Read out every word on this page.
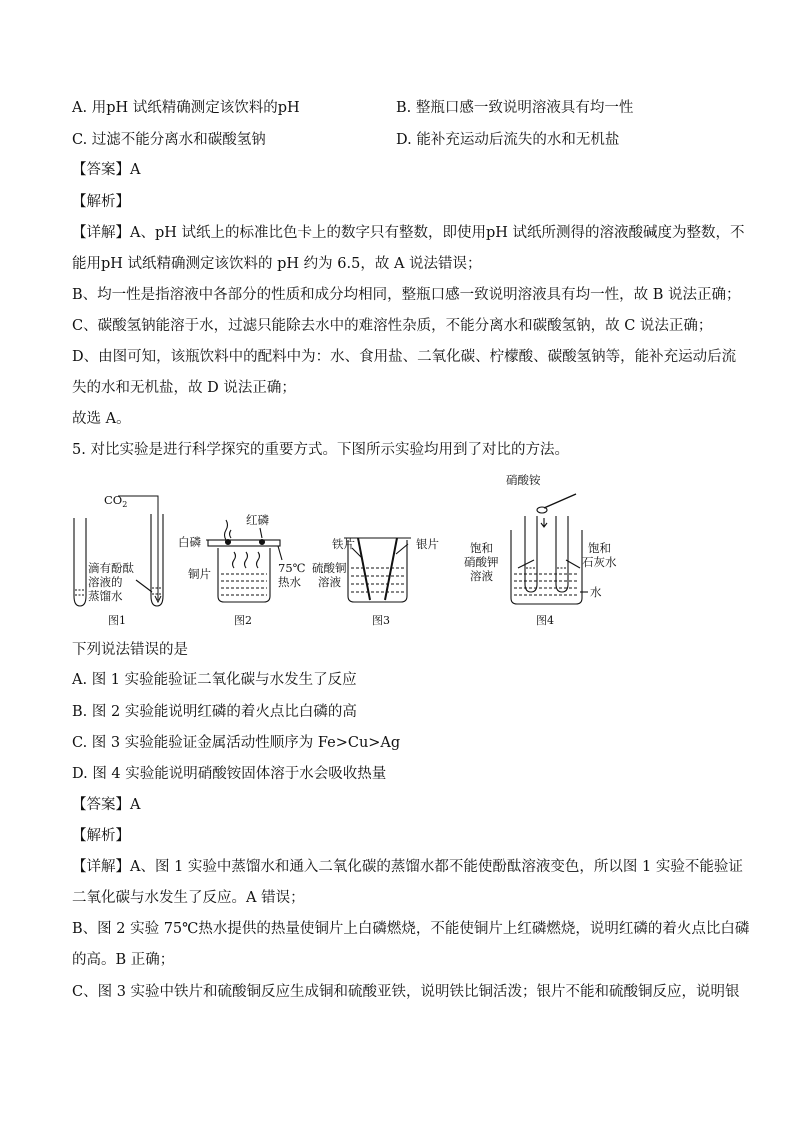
A. 用pH 试纸精确测定该饮料的pH	B. 整瓶口感一致说明溶液具有均一性
C. 过滤不能分离水和碳酸氢钠	D. 能补充运动后流失的水和无机盐
【答案】A
【解析】
【详解】A、pH 试纸上的标准比色卡上的数字只有整数，即使用pH 试纸所测得的溶液酸碱度为整数，不
能用pH 试纸精确测定该饮料的 pH 约为 6.5，故 A 说法错误；
B、均一性是指溶液中各部分的性质和成分均相同，整瓶口感一致说明溶液具有均一性，故 B 说法正确；
C、碳酸氢钠能溶于水，过滤只能除去水中的难溶性杂质，不能分离水和碳酸氢钠，故 C 说法正确；
D、由图可知，该瓶饮料中的配料中为：水、食用盐、二氧化碳、柠檬酸、碳酸氢钠等，能补充运动后流
失的水和无机盐，故 D 说法正确；
故选 A。
5. 对比实验是进行科学探究的重要方式。下图所示实验均用到了对比的方法。
$CO_2$
滴有酚酞
溶液的
蒸馏水
图1
红磷
白磷
铜片	75℃
热水
图2
铁片	银片
硫酸铜
溶液
图3
硝酸铵
饱和
硝酸钾
溶液
饱和
石灰水
水
图4
下列说法错误的是
A. 图 1 实验能验证二氧化碳与水发生了反应
B. 图 2 实验能说明红磷的着火点比白磷的高
C. 图 3 实验能验证金属活动性顺序为 Fe>Cu>Ag
D. 图 4 实验能说明硝酸铵固体溶于水会吸收热量
【答案】A
【解析】
【详解】A、图 1 实验中蒸馏水和通入二氧化碳的蒸馏水都不能使酚酞溶液变色，所以图 1 实验不能验证
二氧化碳与水发生了反应。A 错误；
B、图 2 实验 75℃热水提供的热量使铜片上白磷燃烧，不能使铜片上红磷燃烧，说明红磷的着火点比白磷
的高。B 正确；
C、图 3 实验中铁片和硫酸铜反应生成铜和硫酸亚铁，说明铁比铜活泼；银片不能和硫酸铜反应，说明银
